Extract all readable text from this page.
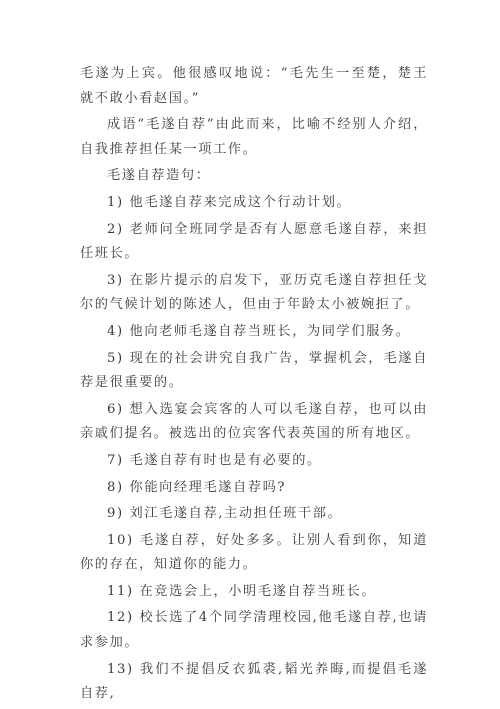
毛遂为上宾。他很感叹地说：“毛先生一至楚，楚王就不敢小看赵国。”

成语“毛遂自荐”由此而来，比喻不经别人介绍，自我推荐担任某一项工作。

毛遂自荐造句：

1) 他毛遂自荐来完成这个行动计划。

2) 老师问全班同学是否有人愿意毛遂自荐，来担任班长。

3) 在影片提示的启发下，亚历克毛遂自荐担任戈尔的气候计划的陈述人，但由于年龄太小被婉拒了。

4) 他向老师毛遂自荐当班长，为同学们服务。

5) 现在的社会讲究自我广告，掌握机会，毛遂自荐是很重要的。

6) 想入选宴会宾客的人可以毛遂自荐，也可以由亲戚们提名。被选出的位宾客代表英国的所有地区。

7) 毛遂自荐有时也是有必要的。

8) 你能向经理毛遂自荐吗?

9) 刘江毛遂自荐,主动担任班干部。

10) 毛遂自荐，好处多多。让别人看到你，知道你的存在，知道你的能力。

11) 在竞选会上，小明毛遂自荐当班长。

12) 校长选了4个同学清理校园,他毛遂自荐,也请求参加。

13) 我们不提倡反衣狐裘,韬光养晦,而提倡毛遂自荐,
